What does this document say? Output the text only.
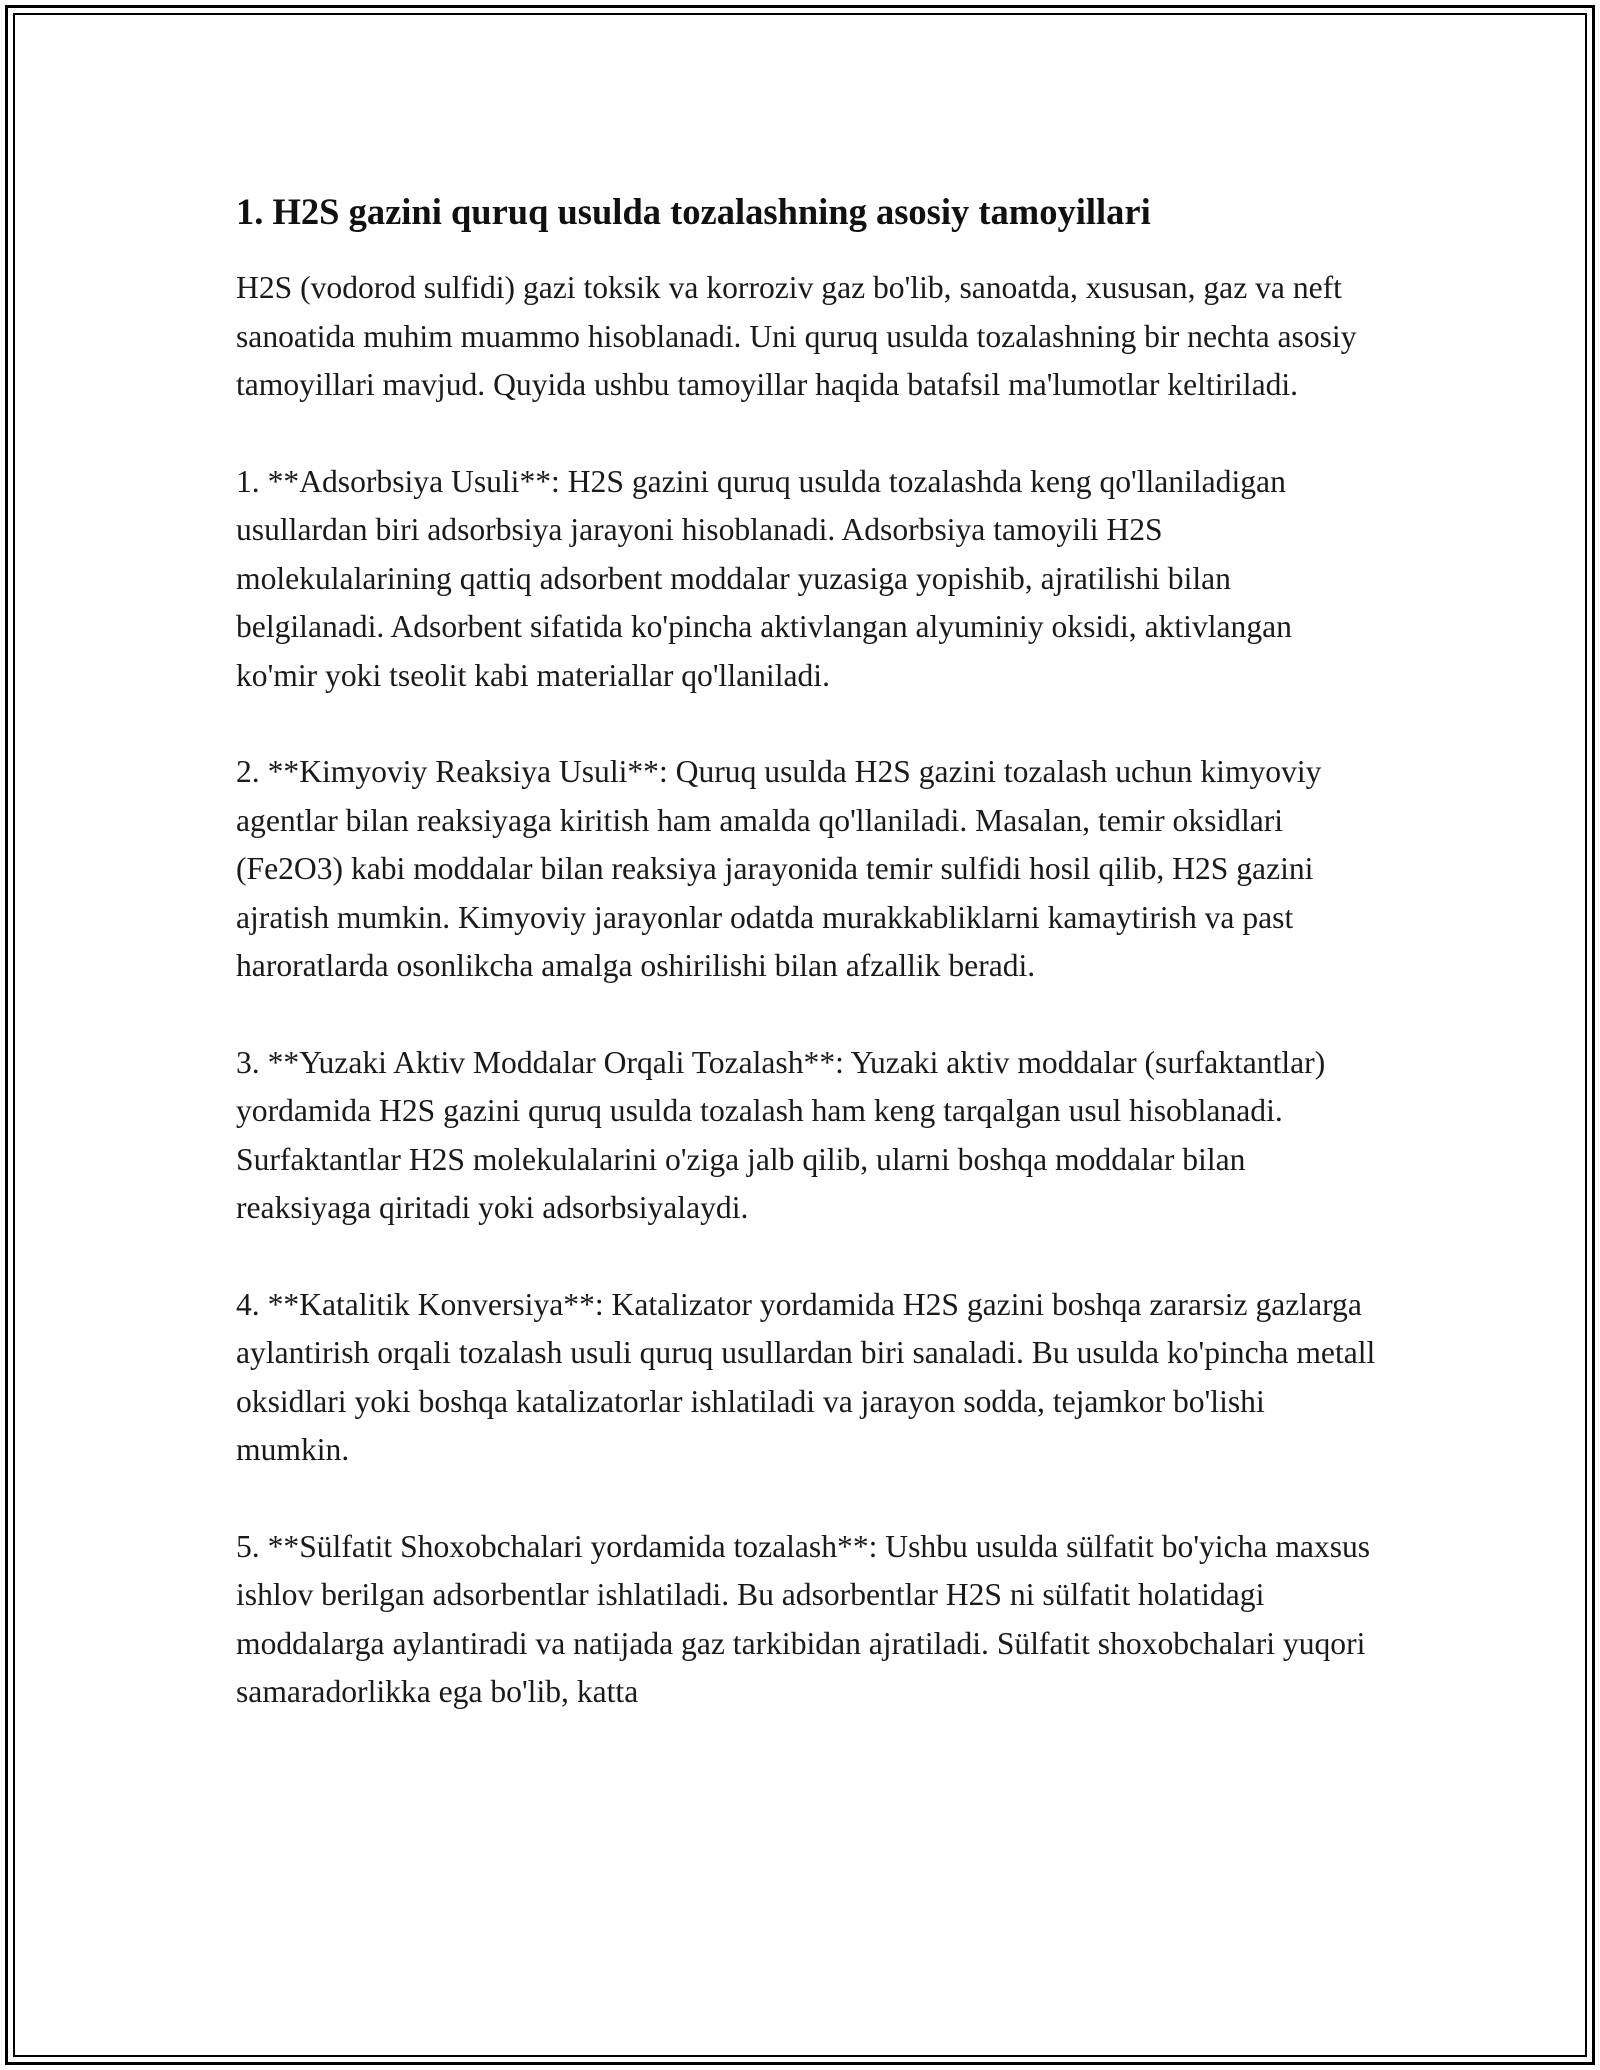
1. H2S gazini quruq usulda tozalashning asosiy tamoyillari

H2S (vodorod sulfidi) gazi toksik va korroziv gaz bo'lib, sanoatda, xususan, gaz va neft sanoatida muhim muammo hisoblanadi. Uni quruq usulda tozalashning bir nechta asosiy tamoyillari mavjud. Quyida ushbu tamoyillar haqida batafsil ma'lumotlar keltiriladi.

1. **Adsorbsiya Usuli**: H2S gazini quruq usulda tozalashda keng qo'llaniladigan usullardan biri adsorbsiya jarayoni hisoblanadi. Adsorbsiya tamoyili H2S molekulalarining qattiq adsorbent moddalar yuzasiga yopishib, ajratilishi bilan belgilanadi. Adsorbent sifatida ko'pincha aktivlangan alyuminiy oksidi, aktivlangan ko'mir yoki tseolit kabi materiallar qo'llaniladi.

2. **Kimyoviy Reaksiya Usuli**: Quruq usulda H2S gazini tozalash uchun kimyoviy agentlar bilan reaksiyaga kiritish ham amalda qo'llaniladi. Masalan, temir oksidlari (Fe2O3) kabi moddalar bilan reaksiya jarayonida temir sulfidi hosil qilib, H2S gazini ajratish mumkin. Kimyoviy jarayonlar odatda murakkabliklarni kamaytirish va past haroratlarda osonlikcha amalga oshirilishi bilan afzallik beradi.

3. **Yuzaki Aktiv Moddalar Orqali Tozalash**: Yuzaki aktiv moddalar (surfaktantlar) yordamida H2S gazini quruq usulda tozalash ham keng tarqalgan usul hisoblanadi. Surfaktantlar H2S molekulalarini o'ziga jalb qilib, ularni boshqa moddalar bilan reaksiyaga qiritadi yoki adsorbsiyalaydi.

4. **Katalitik Konversiya**: Katalizator yordamida H2S gazini boshqa zararsiz gazlarga aylantirish orqali tozalash usuli quruq usullardan biri sanaladi. Bu usulda ko'pincha metall oksidlari yoki boshqa katalizatorlar ishlatiladi va jarayon sodda, tejamkor bo'lishi mumkin.

5. **Sülfatit Shoxobchalari yordamida tozalash**: Ushbu usulda sülfatit bo'yicha maxsus ishlov berilgan adsorbentlar ishlatiladi. Bu adsorbentlar H2S ni sülfatit holatidagi moddalarga aylantiradi va natijada gaz tarkibidan ajratiladi. Sülfatit shoxobchalari yuqori samaradorlikka ega bo'lib, katta
